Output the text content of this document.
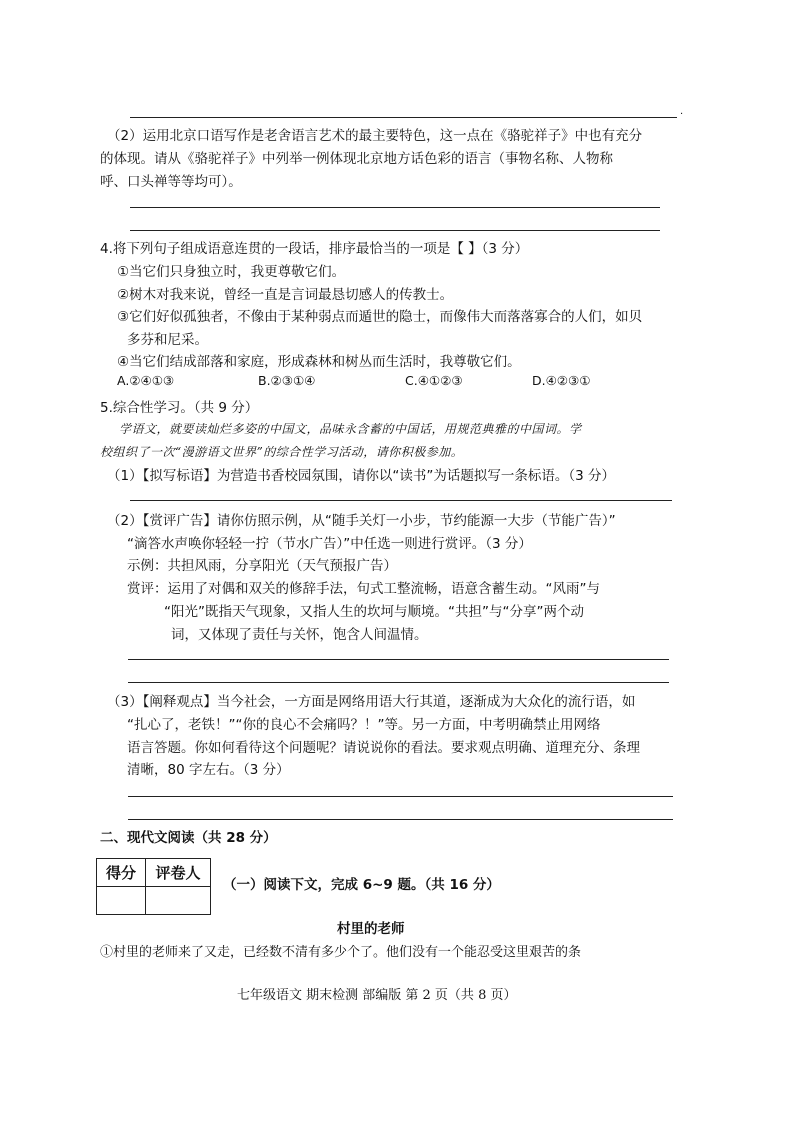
.
（2）运用北京口语写作是老舍语言艺术的最主要特色，这一点在《骆驼祥子》中也有充分
的体现。请从《骆驼祥子》中列举一例体现北京地方话色彩的语言（事物名称、人物称
呼、口头禅等等均可）。
4.将下列句子组成语意连贯的一段话，排序最恰当的一项是【 】（3 分）
①当它们只身独立时，我更尊敬它们。
②树木对我来说，曾经一直是言词最恳切感人的传教士。
③它们好似孤独者，不像由于某种弱点而遁世的隐士，而像伟大而落落寡合的人们，如贝
多芬和尼采。
④当它们结成部落和家庭，形成森林和树丛而生活时，我尊敬它们。
A.②④①③	B.②③①④	C.④①②③	D.④②③①
5.综合性学习。（共 9 分）
学语文，就要读灿烂多姿的中国文，品味永含蓄的中国话，用规范典雅的中国词。学
校组织了一次“漫游语文世界”的综合性学习活动，请你积极参加。
（1）【拟写标语】为营造书香校园氛围，请你以“读书”为话题拟写一条标语。（3 分）
（2）【赏评广告】请你仿照示例，从“随手关灯一小步，节约能源一大步（节能广告）”
“滴答水声唤你轻轻一拧（节水广告）”中任选一则进行赏评。（3 分）
示例：共担风雨，分享阳光（天气预报广告）
赏评：运用了对偶和双关的修辞手法，句式工整流畅，语意含蓄生动。“风雨”与
“阳光”既指天气现象，又指人生的坎坷与顺境。“共担”与“分享”两个动
词，又体现了责任与关怀，饱含人间温情。
（3）【阐释观点】当今社会，一方面是网络用语大行其道，逐渐成为大众化的流行语，如
“扎心了，老铁！”“你的良心不会痛吗？！”等。另一方面，中考明确禁止用网络
语言答题。你如何看待这个问题呢？请说说你的看法。要求观点明确、道理充分、条理
清晰，80 字左右。（3 分）
二、现代文阅读（共 28 分）
得分	评卷人

（一）阅读下文，完成 6~9 题。（共 16 分）
村里的老师
①村里的老师来了又走，已经数不清有多少个了。他们没有一个能忍受这里艰苦的条
七年级语文 期末检测 部编版 第 2 页（共 8 页）
